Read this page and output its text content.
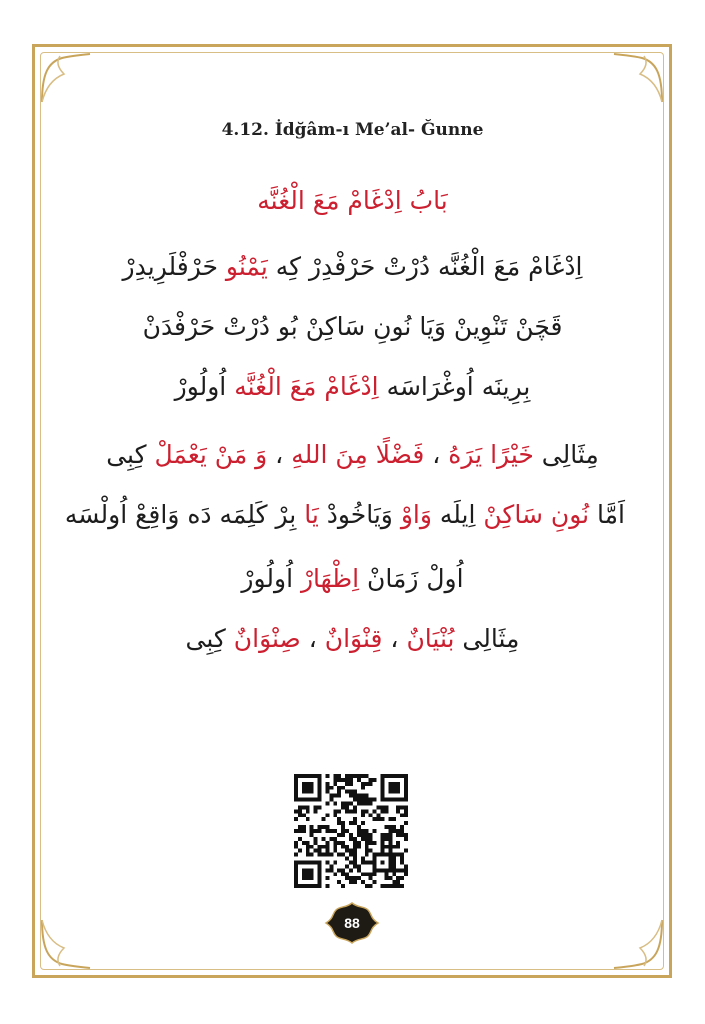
4.12. İdğâm-ı Me’al- Ğunne
بَابُ اِدْغَامْ مَعَ الْغُنَّه
اِدْغَامْ مَعَ الْغُنَّه دُرْتْ حَرْفْدِرْ كِه يَمْنُو حَرْفْلَرِيدِرْ
قَچَنْ تَنْوِينْ وَيَا نُونِ سَاكِنْ بُو دُرْتْ حَرْفْدَنْ
بِرِينَه اُوغْرَاسَه اِدْغَامْ مَعَ الْغُنَّه اُولُورْ
مِثَالِى خَيْرًا يَرَهُ ، فَضْلًا مِنَ اللهِ ، وَ مَنْ يَعْمَلْ كِبِى
اَمَّا نُونِ سَاكِنْ اِيلَه وَاوْ وَيَاخُودْ يَا بِرْ كَلِمَه دَه وَاقِعْ اُولْسَه
اُولْ زَمَانْ اِظْهَارْ اُولُورْ
مِثَالِى بُنْيَانٌ ، قِنْوَانٌ ، صِنْوَانٌ كِبِى
88
